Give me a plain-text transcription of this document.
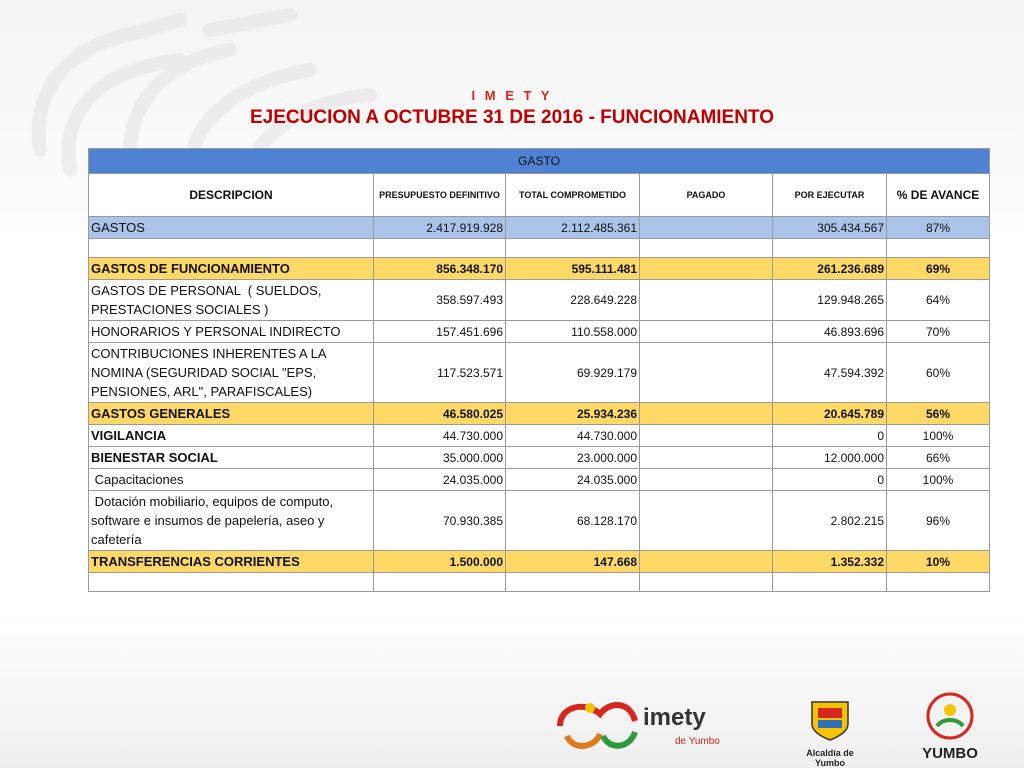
I M E T Y
EJECUCION A OCTUBRE 31 DE 2016 - FUNCIONAMIENTO
GASTO					
DESCRIPCION	PRESUPUESTO DEFINITIVO	TOTAL COMPROMETIDO	PAGADO	POR EJECUTAR	% DE AVANCE
GASTOS	2.417.919.928	2.112.485.361		305.434.567	87%

GASTOS DE FUNCIONAMIENTO	856.348.170	595.111.481		261.236.689	69%
GASTOS DE PERSONAL  ( SUELDOS, PRESTACIONES SOCIALES )	358.597.493	228.649.228		129.948.265	64%
HONORARIOS Y PERSONAL INDIRECTO	157.451.696	110.558.000		46.893.696	70%
CONTRIBUCIONES INHERENTES A LA NOMINA (SEGURIDAD SOCIAL "EPS, PENSIONES, ARL", PARAFISCALES)	117.523.571	69.929.179		47.594.392	60%
GASTOS GENERALES	46.580.025	25.934.236		20.645.789	56%
VIGILANCIA	44.730.000	44.730.000		0	100%
BIENESTAR SOCIAL	35.000.000	23.000.000		12.000.000	66%
Capacitaciones	24.035.000	24.035.000		0	100%
Dotación mobiliario, equipos de computo, software e insumos de papelería, aseo y cafetería	70.930.385	68.128.170		2.802.215	96%
TRANSFERENCIAS CORRIENTES	1.500.000	147.668		1.352.332	10%

imety
de Yumbo
Alcaldía de Yumbo
YUMBO
